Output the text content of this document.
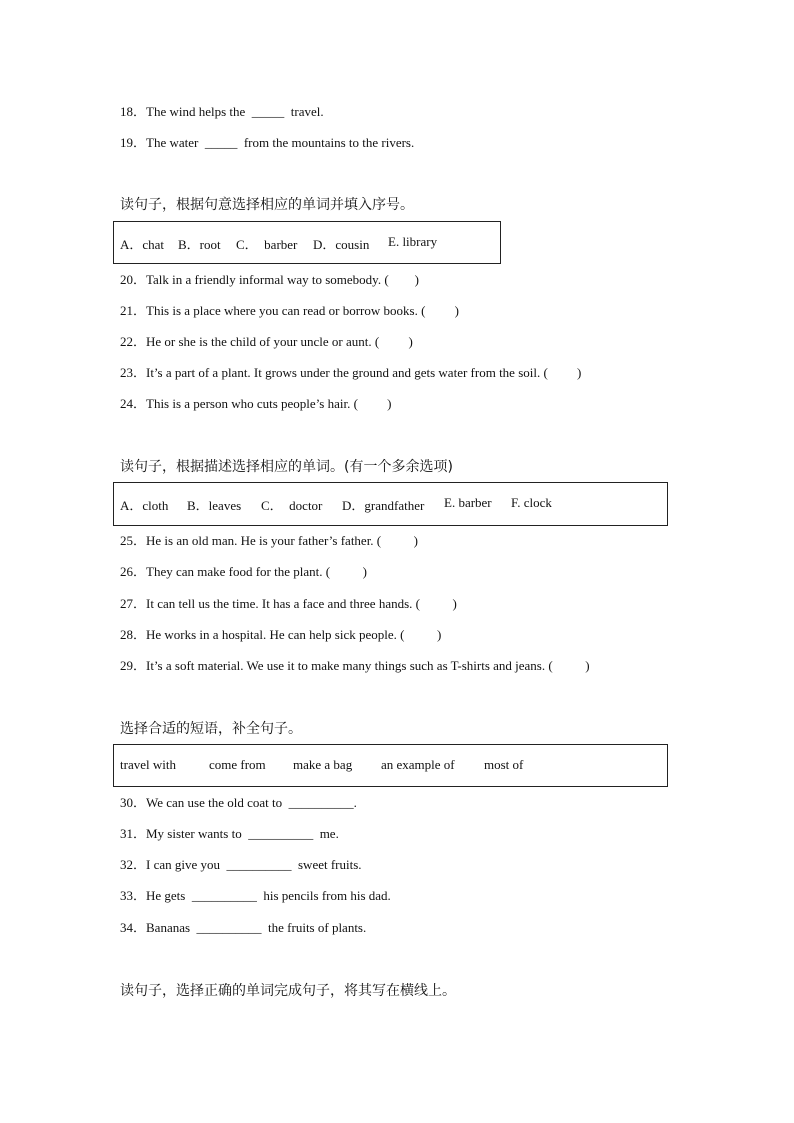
18．The wind helps the  _____  travel.
19．The water  _____  from the mountains to the rivers.
读句子，根据句意选择相应的单词并填入序号。
A．chat B．root C．  barber D．cousin E. library
20．Talk in a friendly informal way to somebody. (        )
21．This is a place where you can read or borrow books. (         )
22．He or she is the child of your uncle or aunt. (         )
23．It’s a part of a plant. It grows under the ground and gets water from the soil. (         )
24．This is a person who cuts people’s hair. (         )
读句子，根据描述选择相应的单词。(有一个多余选项)
A．cloth B．leaves C．  doctor D．grandfather E. barber F. clock
25．He is an old man. He is your father’s father. (          )
26．They can make food for the plant. (          )
27．It can tell us the time. It has a face and three hands. (          )
28．He works in a hospital. He can help sick people. (          )
29．It’s a soft material. We use it to make many things such as T-shirts and jeans. (          )
选择合适的短语，补全句子。
travel with	come from make a bag an example of most of
30．We can use the old coat to  __________.
31．My sister wants to  __________  me.
32．I can give you  __________  sweet fruits.
33．He gets  __________  his pencils from his dad.
34．Bananas  __________  the fruits of plants.
读句子，选择正确的单词完成句子，将其写在横线上。
